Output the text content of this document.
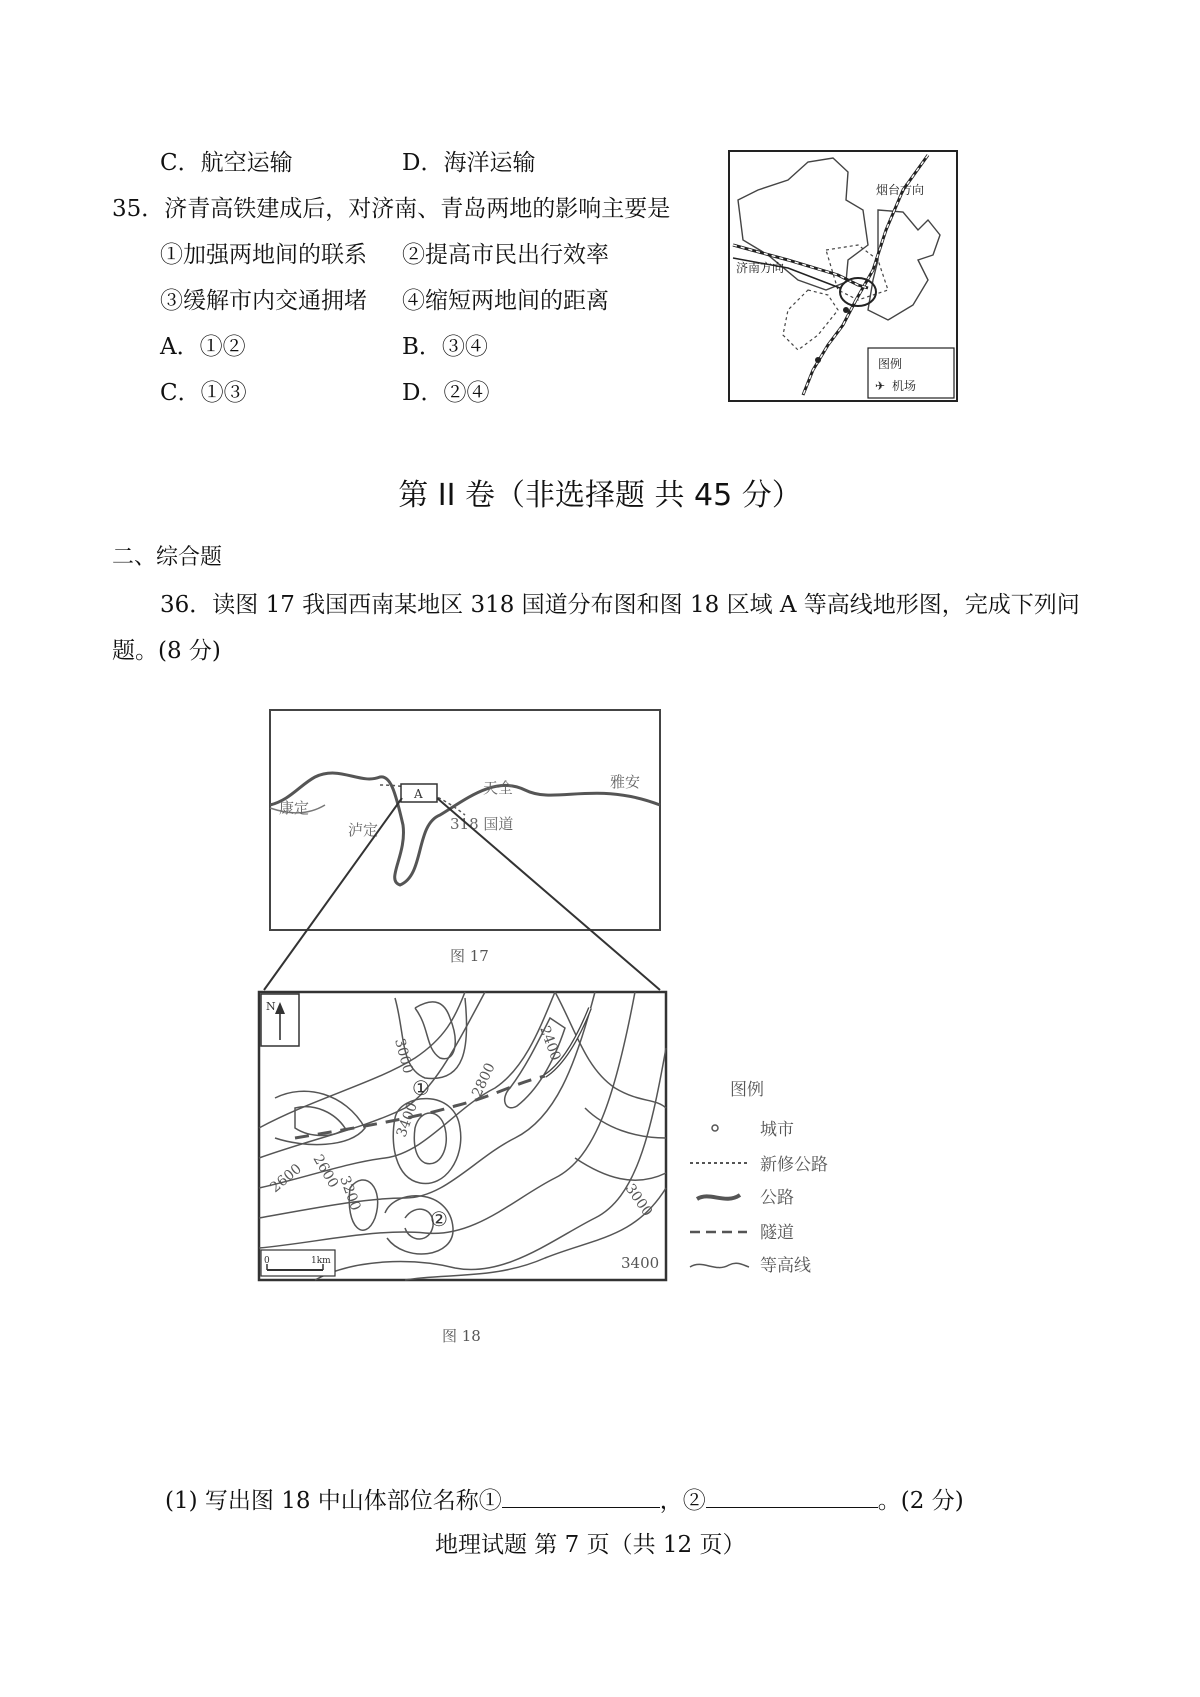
C．航空运输	D．海洋运输
35．济青高铁建成后，对济南、青岛两地的影响主要是
①加强两地间的联系 ②提高市民出行效率
③缓解市内交通拥堵 ④缩短两地间的距离
A．①②	B．③④
C．①③	D．②④
烟台方向
济南方向
图例
✈ 机场
第 II 卷（非选择题 共 45 分）
二、综合题
36．读图 17 我国西南某地区 318 国道分布图和图 18 区域 A 等高线地形图，完成下列问
题。(8 分)
A
康定
泸定
天全	雅安
318 国道
图 17
N
3000	2400
2800
3400
2600 3200
2600
3000
3400
①
②
0	1km
图例
城市
新修公路
公路
隧道
等高线
图 18
(1) 写出图 18 中山体部位名称①	，②	。(2 分)
地理试题 第 7 页（共 12 页）
